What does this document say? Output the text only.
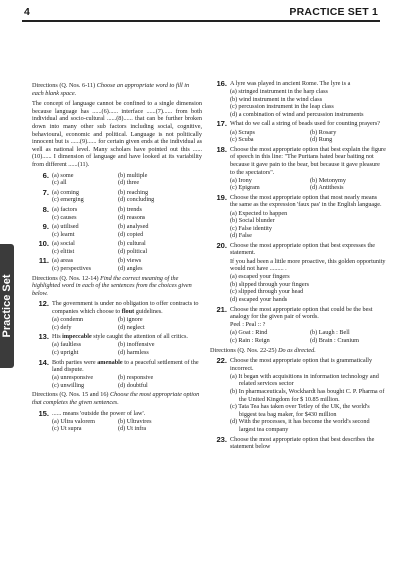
4	PRACTICE SET 1
Practice Set

Directions (Q. Nos. 6-11) Choose an appropriate word to fill in each blank space.

The concept of language cannot be confined to a single dimension because language has ......(6)...... interface ......(7)...... from both individual and socio-cultural ......(8)...... that can be further broken down into many other sub factors including social, cognitive, behavioural, economic and political. Language is not politically innocent but is ......(9)...... for certain given ends at the individual as well as national level. Many scholars have pointed out this ......(10)...... I dimension of language and have looked at its variability from different ......(11).

6. (a) some	(b) multiple
(c) all	(d) three
7. (a) coming	(b) reaching
(c) emerging	(d) concluding
8. (a) factors	(b) trends
(c) causes	(d) reasons
9. (a) utilised	(b) analysed
(c) learnt	(d) copied
10. (a) social	(b) cultural
(c) elitist	(d) political
11. (a) areas	(b) views
(c) perspectives	(d) angles

Directions (Q. Nos. 12-14) Find the correct meaning of the highlighted word in each of the sentences from the choices given below.

12. The government is under no obligation to offer contracts to companies which choose to flout guidelines.

(a) condemn	(b) ignore
(c) defy	(d) neglect
13. His impeccable style caught the attention of all critics.

(a) faultless	(b) inoffensive
(c) upright	(d) harmless
14. Both parties were amenable to a peaceful settlement of the land dispute.

(a) unresponsive	(b) responsive
(c) unwilling	(d) doubtful

Directions (Q. Nos. 15 and 16) Choose the most appropriate option that completes the given sentences.

15. ...... means 'outside the power of law'.

(a) Ultra valorem	(b) Ultravires
(c) Ut supra	(d) Ut infra
16. A lyre was played in ancient Rome. The lyre is a

(a) stringed instrument in the harp class
(b) wind instrument in the wind class
(c) percussion instrument in the leap class
(d) a combination of wind and percussion instruments
17. What do we call a string of beads used for counting prayers?

(a) Scraps	(b) Rosary
(c) Scuba	(d) Rung
18. Choose the most appropriate option that best explain the figure of speech in this line: "The Puritans hated bear baiting not because it gave pain to the bear, but because it gave pleasure to the spectators".

(a) Irony	(b) Metonymy
(c) Epigram	(d) Antithesis
19. Choose the most appropriate option that most nearly means the same as the expression 'faux pas' in the English language.

(a) Expected to happen
(b) Social blunder
(c) False identity
(d) False
20. Choose the most appropriate option that best expresses the statement.

If you had been a little more proactive, this golden opportunity would not have ......... .

(a) escaped your fingers
(b) slipped through your fingers
(c) slipped through your head
(d) escaped your hands
21. Choose the most appropriate option that could be the best analogy for the given pair of words.

Peel : Peal :: ?

(a) Goat : Rind	(b) Laugh : Bell
(c) Rain : Reign	(d) Brain : Cranium

Directions (Q. Nos. 22-25) Do as directed.

22. Choose the most appropriate option that is grammatically incorrect.

(a) It began with acquisitions in information technology and related services sector
(b) In pharmaceuticals, Wockhardt has bought C. P. Pharma of the United Kingdom for $ 10.85 million.
(c) Tata Tea has taken over Tetley of the UK, the world's biggest tea bag maker, for $430 million
(d) With the processes, it has become the world's second largest tea company
23. Choose the most appropriate option that best describes the statement below
